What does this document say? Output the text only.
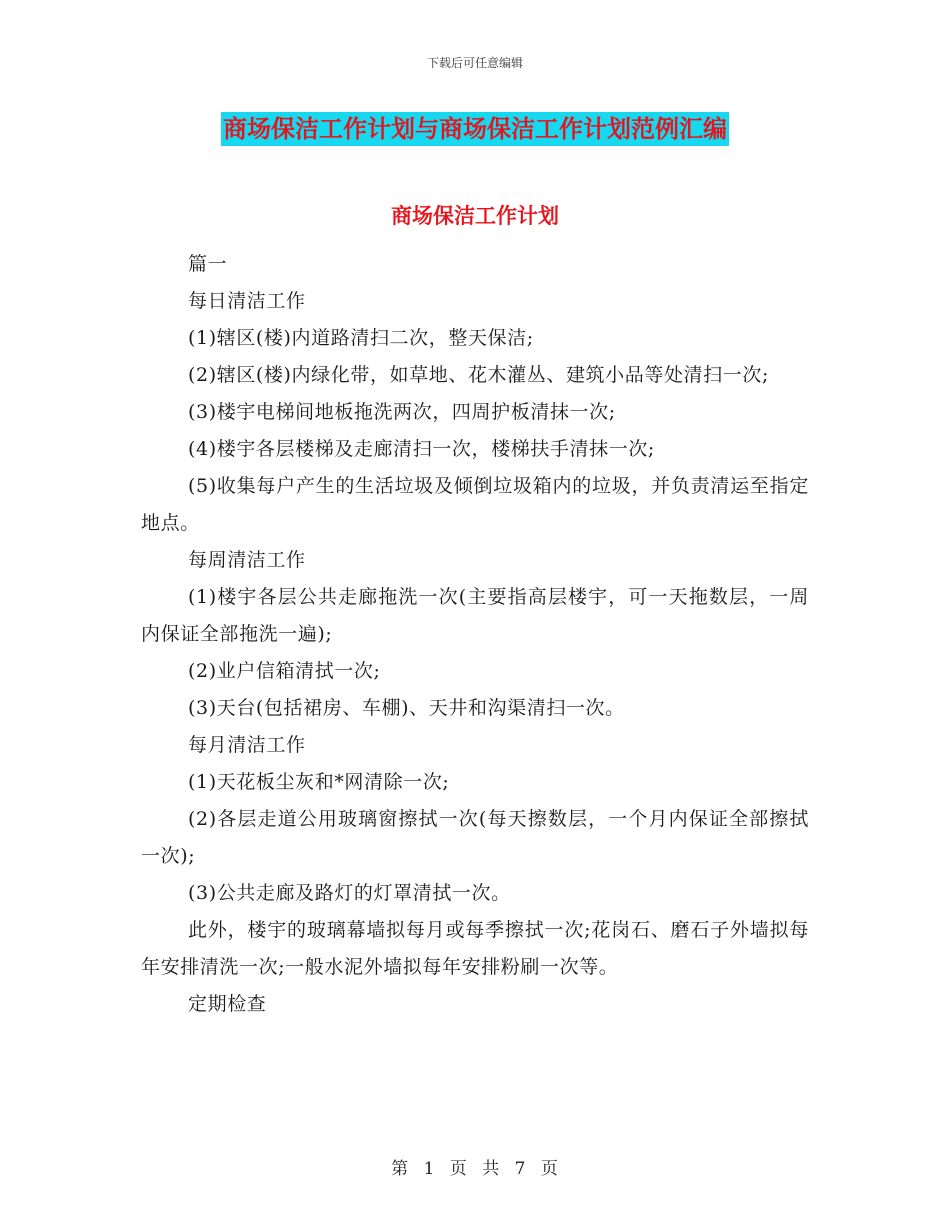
下载后可任意编辑
商场保洁工作计划与商场保洁工作计划范例汇编
商场保洁工作计划

篇一

每日清洁工作

(1)辖区(楼)内道路清扫二次，整天保洁;

(2)辖区(楼)内绿化带，如草地、花木灌丛、建筑小品等处清扫一次;

(3)楼宇电梯间地板拖洗两次，四周护板清抹一次;

(4)楼宇各层楼梯及走廊清扫一次，楼梯扶手清抹一次;

(5)收集每户产生的生活垃圾及倾倒垃圾箱内的垃圾，并负责清运至指定地点。

每周清洁工作

(1)楼宇各层公共走廊拖洗一次(主要指高层楼宇，可一天拖数层，一周内保证全部拖洗一遍);

(2)业户信箱清拭一次;

(3)天台(包括裙房、车棚)、天井和沟渠清扫一次。

每月清洁工作

(1)天花板尘灰和*网清除一次;

(2)各层走道公用玻璃窗擦拭一次(每天擦数层，一个月内保证全部擦拭一次);

(3)公共走廊及路灯的灯罩清拭一次。

此外，楼宇的玻璃幕墙拟每月或每季擦拭一次;花岗石、磨石子外墙拟每年安排清洗一次;一般水泥外墙拟每年安排粉刷一次等。

定期检查

第 1 页 共 7 页
